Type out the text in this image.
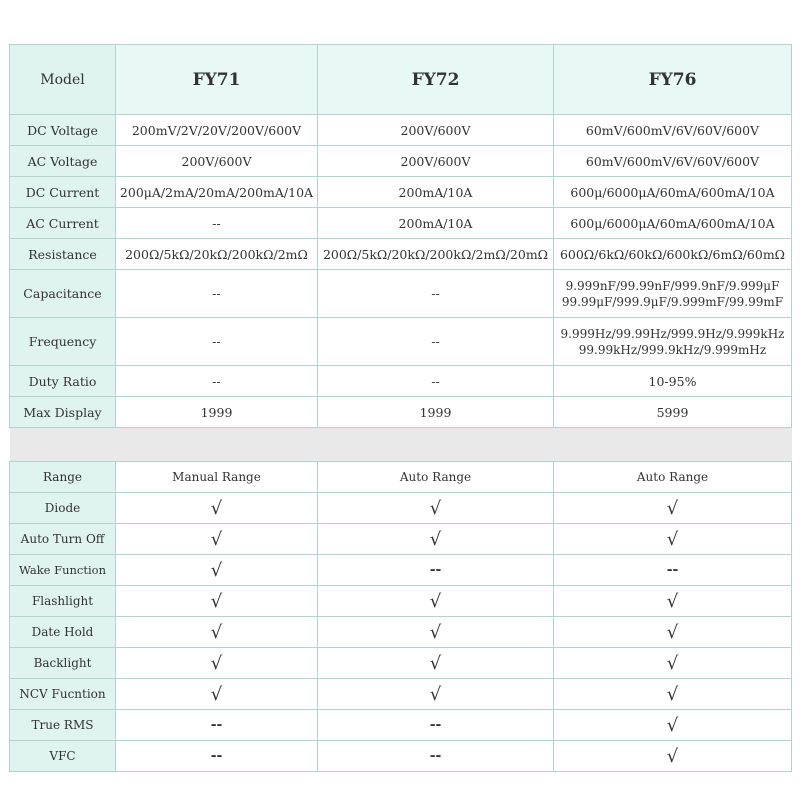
Model	FY71	FY72	FY76
DC Voltage	200mV/2V/20V/200V/600V	200V/600V	60mV/600mV/6V/60V/600V
AC Voltage	200V/600V	200V/600V	60mV/600mV/6V/60V/600V
DC Current	200μA/2mA/20mA/200mA/10A	200mA/10A	600μ/6000μA/60mA/600mA/10A
AC Current	--	200mA/10A	600μ/6000μA/60mA/600mA/10A
Resistance	200Ω/5kΩ/20kΩ/200kΩ/2mΩ	200Ω/5kΩ/20kΩ/200kΩ/2mΩ/20mΩ	600Ω/6kΩ/60kΩ/600kΩ/6mΩ/60mΩ
Capacitance	--	--	9.999nF/99.99nF/999.9nF/9.999μF
99.99μF/999.9μF/9.999mF/99.99mF

Frequency	--	--	9.999Hz/99.99Hz/999.9Hz/9.999kHz
99.99kHz/999.9kHz/9.999mHz

Duty Ratio	--	--	10-95%
Max Display	1999	1999	5999

Range	Manual Range	Auto Range	Auto Range
Diode	√	√	√
Auto Turn Off	√	√	√
Wake Function	√	--	--
Flashlight	√	√	√
Date Hold	√	√	√
Backlight	√	√	√
NCV Fucntion	√	√	√
True RMS	--	--	√
VFC	--	--	√
